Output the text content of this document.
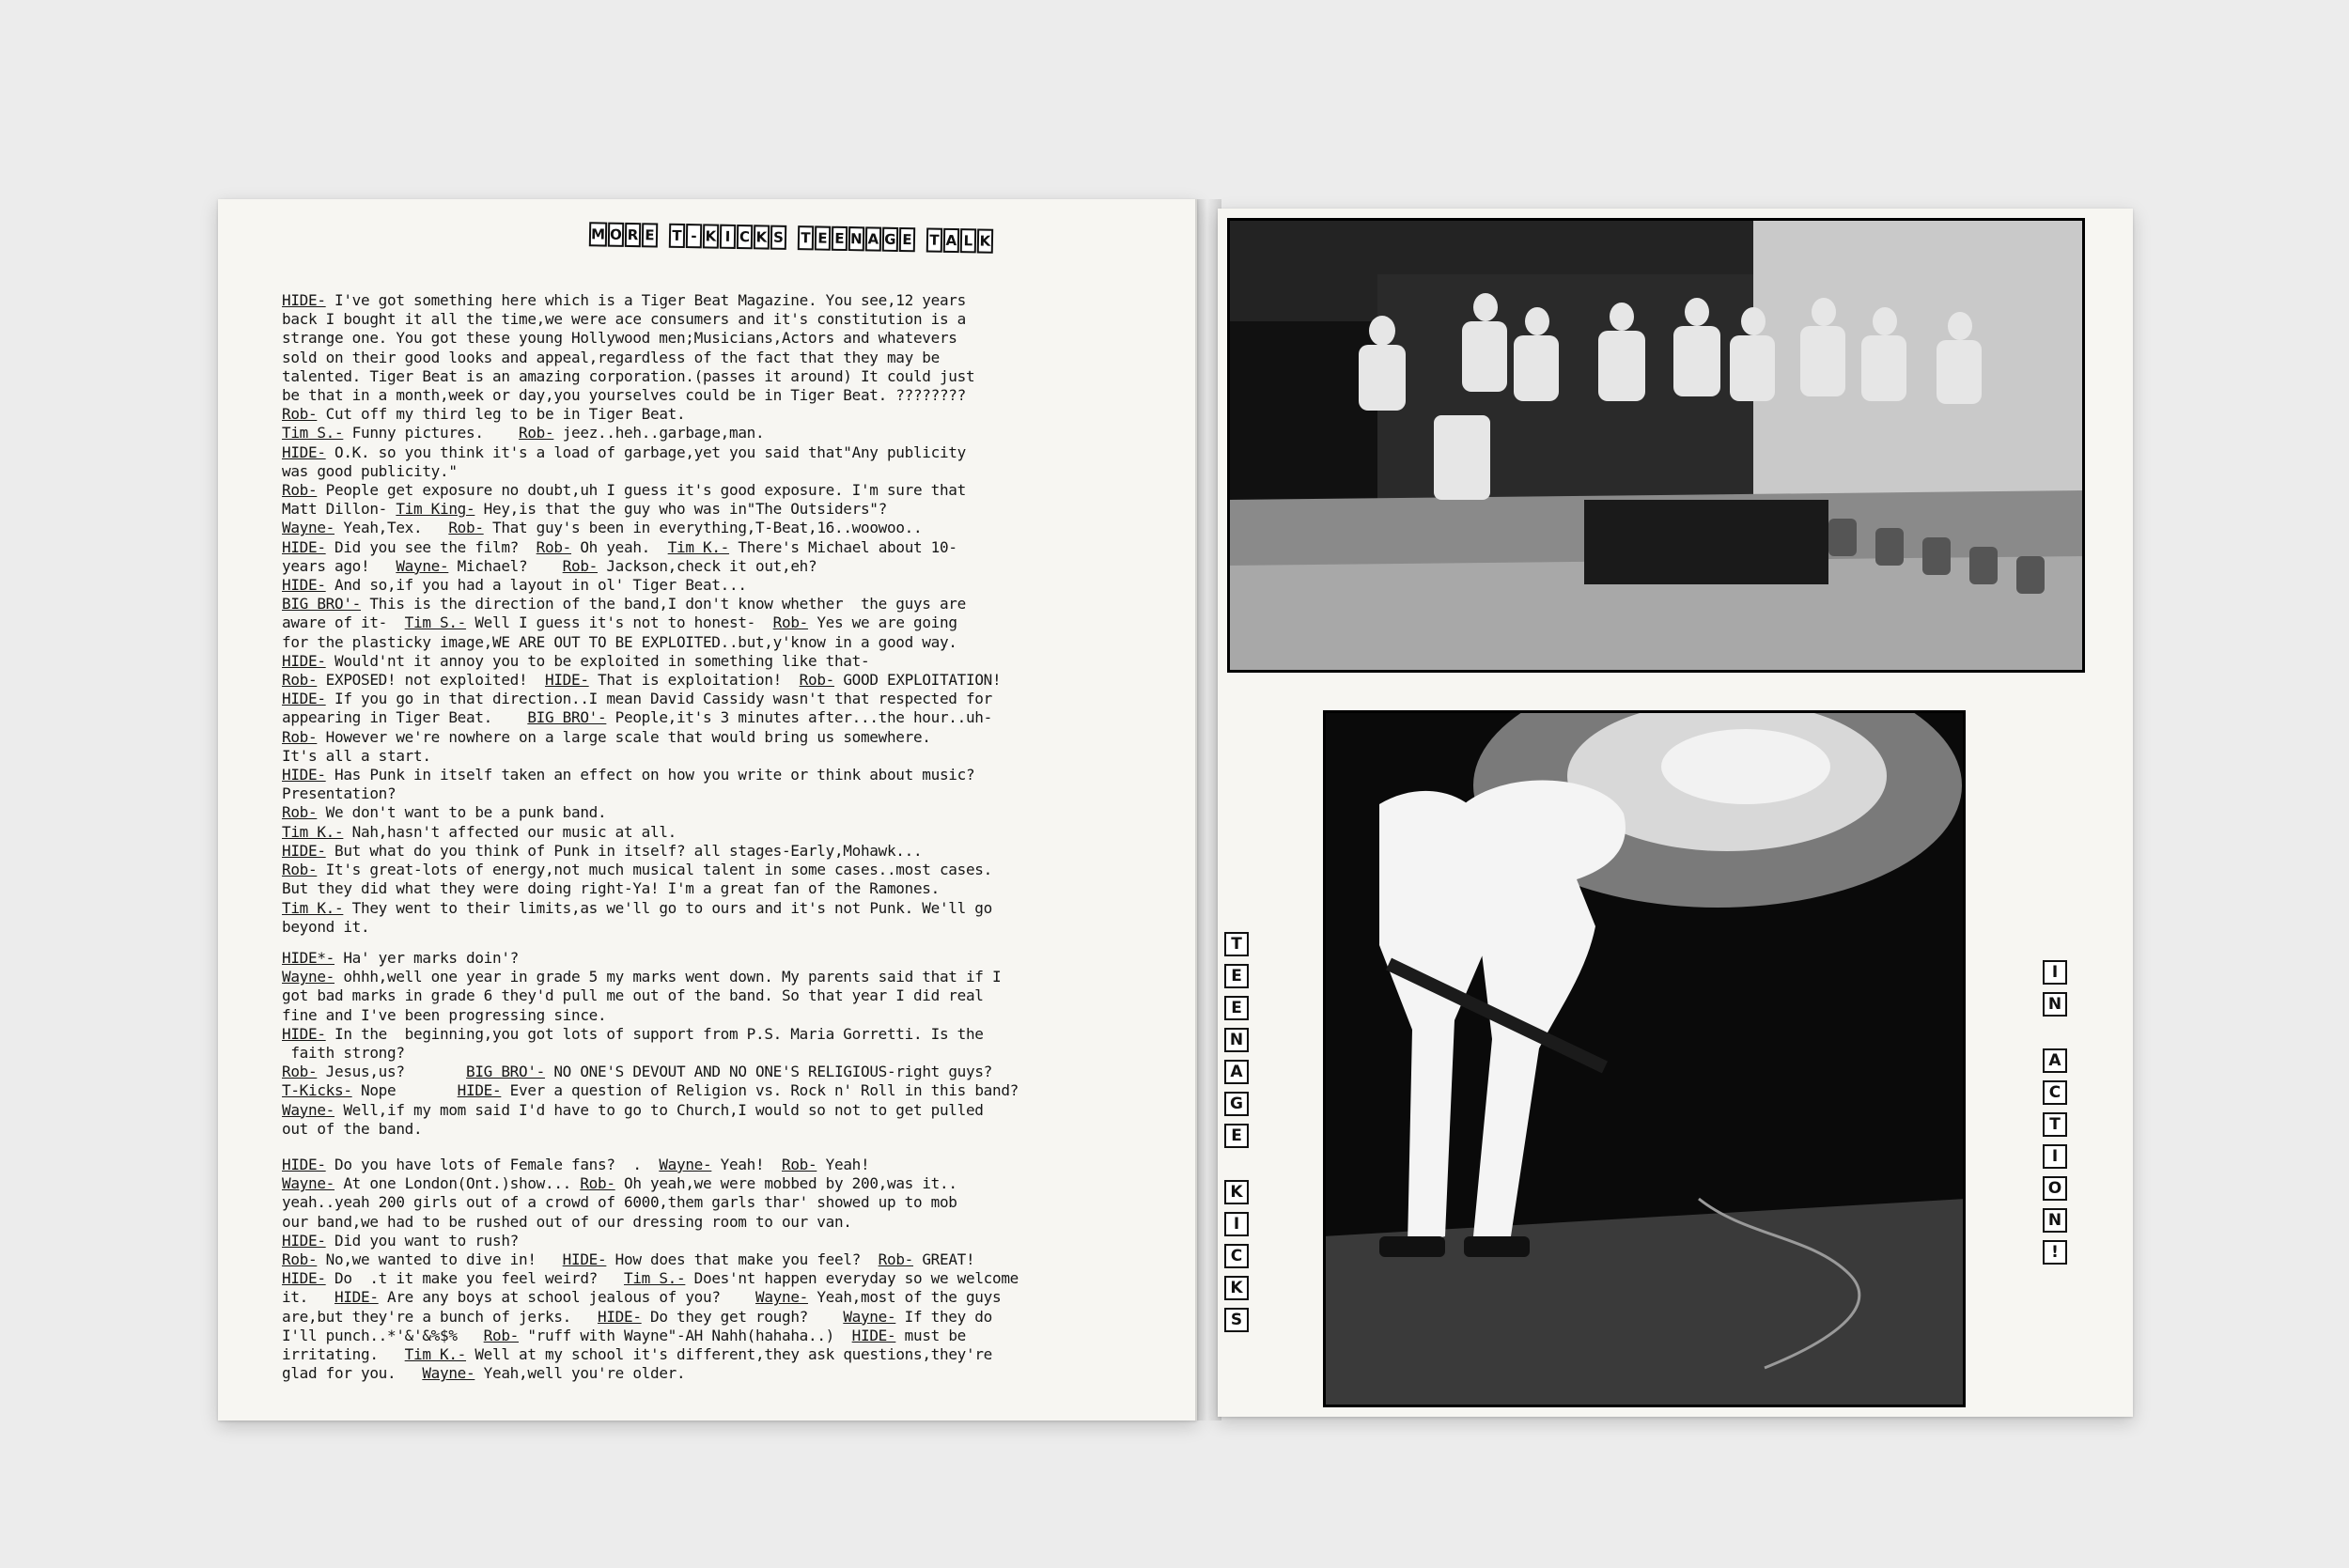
M O R E T - K I C K S T E E N A G E T A L K

HIDE- I've got something here which is a Tiger Beat Magazine. You see,12 years

back I bought it all the time,we were ace consumers and it's constitution is a

strange one. You got these young Hollywood men;Musicians,Actors and whatevers

sold on their good looks and appeal,regardless of the fact that they may be

talented. Tiger Beat is an amazing corporation.(passes it around) It could just

be that in a month,week or day,you yourselves could be in Tiger Beat. ????????

Rob- Cut off my third leg to be in Tiger Beat.

Tim S.- Funny pictures.    Rob- jeez..heh..garbage,man.

HIDE- O.K. so you think it's a load of garbage,yet you said that"Any publicity

was good publicity."

Rob- People get exposure no doubt,uh I guess it's good exposure. I'm sure that

Matt Dillon- Tim King- Hey,is that the guy who was in"The Outsiders"?

Wayne- Yeah,Tex.   Rob- That guy's been in everything,T-Beat,16..woowoo..

HIDE- Did you see the film?  Rob- Oh yeah.  Tim K.- There's Michael about 10-

years ago!   Wayne- Michael?    Rob- Jackson,check it out,eh?

HIDE- And so,if you had a layout in ol' Tiger Beat...

BIG BRO'- This is the direction of the band,I don't know whether  the guys are

aware of it-  Tim S.- Well I guess it's not to honest-  Rob- Yes we are going

for the plasticky image,WE ARE OUT TO BE EXPLOITED..but,y'know in a good way.

HIDE- Would'nt it annoy you to be exploited in something like that-

Rob- EXPOSED! not exploited!  HIDE- That is exploitation!  Rob- GOOD EXPLOITATION!

HIDE- If you go in that direction..I mean David Cassidy wasn't that respected for

appearing in Tiger Beat.    BIG BRO'- People,it's 3 minutes after...the hour..uh-

Rob- However we're nowhere on a large scale that would bring us somewhere.

It's all a start.

HIDE- Has Punk in itself taken an effect on how you write or think about music?

Presentation?

Rob- We don't want to be a punk band.

Tim K.- Nah,hasn't affected our music at all.

HIDE- But what do you think of Punk in itself? all stages-Early,Mohawk...

Rob- It's great-lots of energy,not much musical talent in some cases..most cases.

But they did what they were doing right-Ya! I'm a great fan of the Ramones.

Tim K.- They went to their limits,as we'll go to ours and it's not Punk. We'll go

beyond it.

HIDE*- Ha' yer marks doin'?

Wayne- ohhh,well one year in grade 5 my marks went down. My parents said that if I

got bad marks in grade 6 they'd pull me out of the band. So that year I did real

fine and I've been progressing since.

HIDE- In the  beginning,you got lots of support from P.S. Maria Gorretti. Is the

faith strong?

Rob- Jesus,us?       BIG BRO'- NO ONE'S DEVOUT AND NO ONE'S RELIGIOUS-right guys?

T-Kicks- Nope       HIDE- Ever a question of Religion vs. Rock n' Roll in this band?

Wayne- Well,if my mom said I'd have to go to Church,I would so not to get pulled

out of the band.

HIDE- Do you have lots of Female fans?  .  Wayne- Yeah!  Rob- Yeah!

Wayne- At one London(Ont.)show... Rob- Oh yeah,we were mobbed by 200,was it..

yeah..yeah 200 girls out of a crowd of 6000,them garls thar' showed up to mob

our band,we had to be rushed out of our dressing room to our van.

HIDE- Did you want to rush?

Rob- No,we wanted to dive in!   HIDE- How does that make you feel?  Rob- GREAT!

HIDE- Do  .t it make you feel weird?   Tim S.- Does'nt happen everyday so we welcome

it.   HIDE- Are any boys at school jealous of you?    Wayne- Yeah,most of the guys

are,but they're a bunch of jerks.   HIDE- Do they get rough?    Wayne- If they do

I'll punch..*'&'&%$%   Rob- "ruff with Wayne"-AH Nahh(hahaha..)  HIDE- must be

irritating.   Tim K.- Well at my school it's different,they ask questions,they're

glad for you.   Wayne- Yeah,well you're older.

T
E
E
N
A
G
E
K
I
C
K
S
I
N
A
C
T
I
O
N
!
